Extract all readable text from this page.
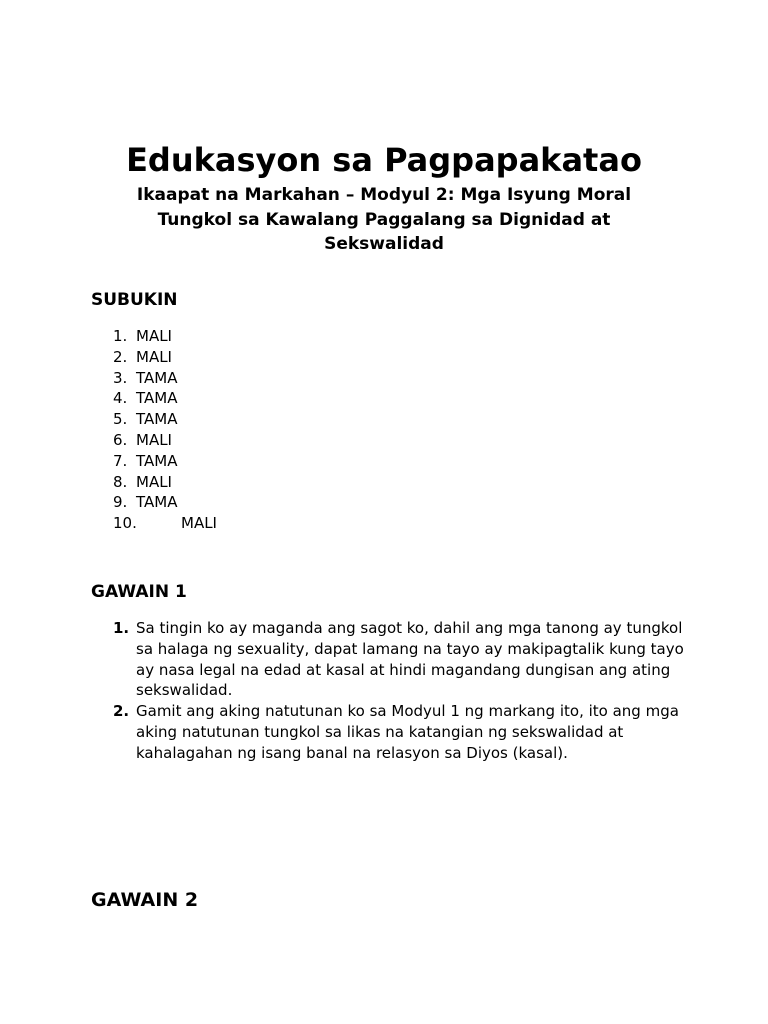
Edukasyon sa Pagpapakatao
Ikaapat na Markahan – Modyul 2: Mga Isyung Moral Tungkol sa Kawalang Paggalang sa Dignidad at Sekswalidad
SUBUKIN
1. MALI
2. MALI
3. TAMA
4. TAMA
5. TAMA
6. MALI
7. TAMA
8. MALI
9. TAMA
10.	MALI
GAWAIN 1
1. Sa tingin ko ay maganda ang sagot ko, dahil ang mga tanong ay tungkol sa halaga ng sexuality, dapat lamang na tayo ay makipagtalik kung tayo ay nasa legal na edad at kasal at hindi magandang dungisan ang ating sekswalidad.
2. Gamit ang aking natutunan ko sa Modyul 1 ng markang ito, ito ang mga aking natutunan tungkol sa likas na katangian ng sekswalidad at kahalagahan ng isang banal na relasyon sa Diyos (kasal).
GAWAIN 2
